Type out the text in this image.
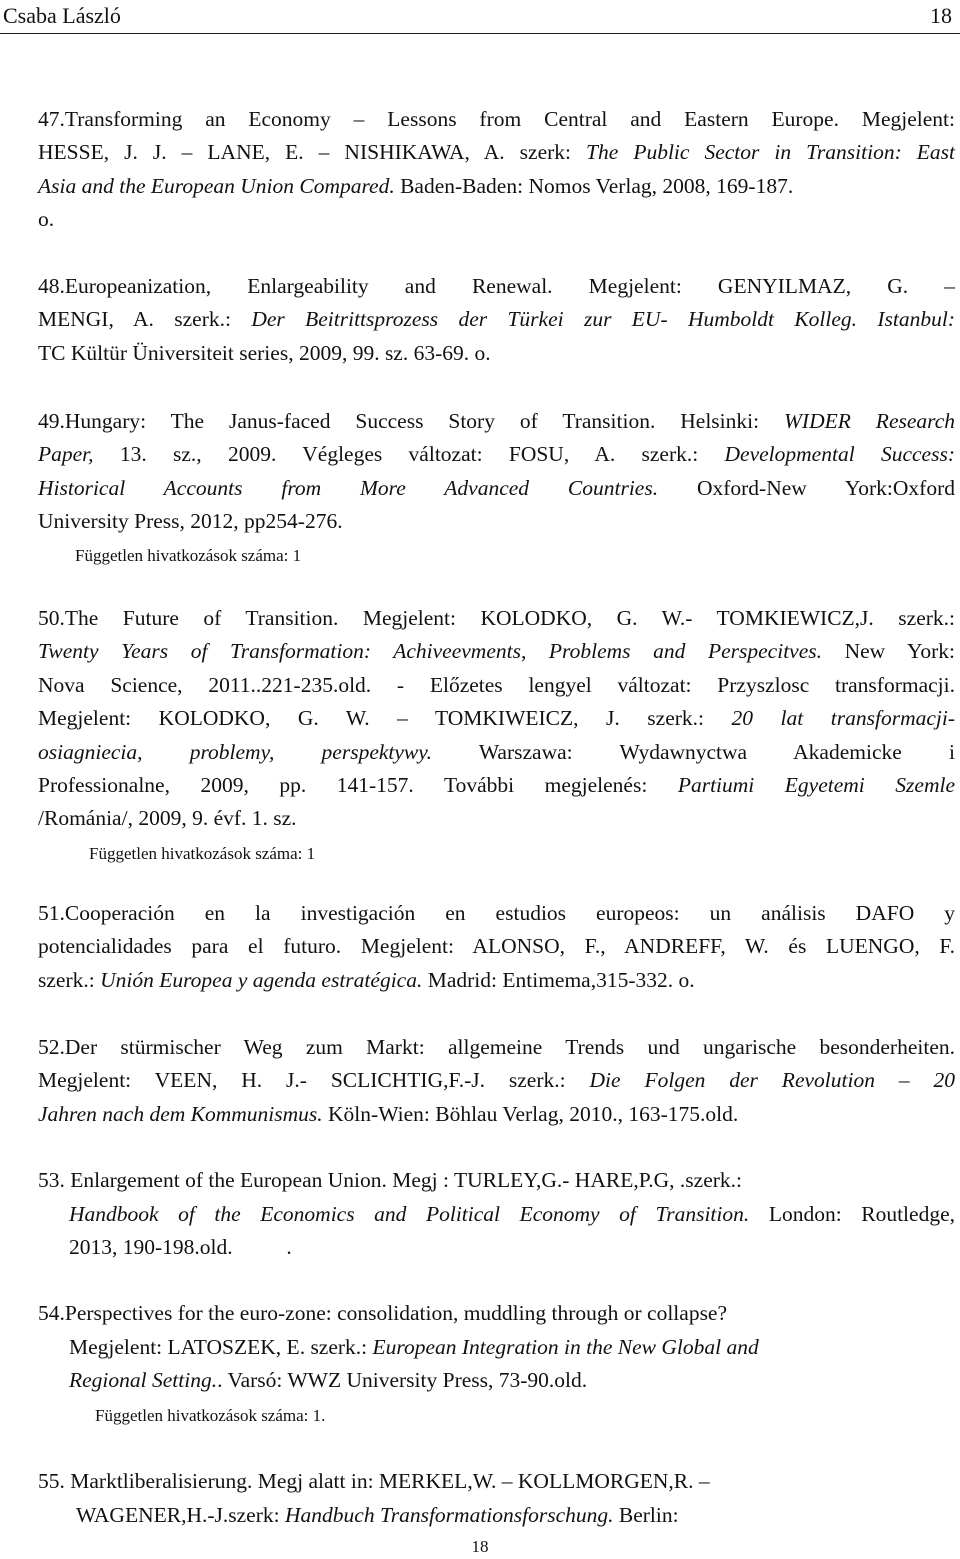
Csaba László	18
47.Transforming an Economy – Lessons from Central and Eastern Europe. Megjelent:
HESSE, J. J. – LANE, E. – NISHIKAWA, A. szerk: The Public Sector in Transition: East
Asia and the European Union Compared. Baden-Baden: Nomos Verlag, 2008, 169-187.
o.
48.Europeanization, Enlargeability and Renewal. Megjelent: GENYILMAZ, G. –
MENGI, A. szerk.: Der Beitrittsprozess der Türkei zur EU- Humboldt Kolleg. Istanbul:
TC Kültür Üniversiteit series, 2009, 99. sz. 63-69. o.
49.Hungary: The Janus-faced Success Story of Transition. Helsinki: WIDER Research
Paper, 13. sz., 2009. Végleges változat: FOSU, A. szerk.: Developmental Success:
Historical Accounts from More Advanced Countries. Oxford-New York:Oxford
University Press, 2012, pp254-276.
Független hivatkozások száma: 1
50.The Future of Transition. Megjelent: KOLODKO, G. W.- TOMKIEWICZ,J. szerk.:
Twenty Years of Transformation: Achiveevments, Problems and Perspecitves. New York:
Nova Science, 2011..221-235.old. - Előzetes lengyel változat: Przyszlosc transformacji.
Megjelent: KOLODKO, G. W. – TOMKIWEICZ, J. szerk.: 20 lat transformacji-
osiagniecia, problemy, perspektywy. Warszawa: Wydawnyctwa Akademicke i
Professionalne, 2009, pp. 141-157. További megjelenés: Partiumi Egyetemi Szemle
/Románia/, 2009, 9. évf. 1. sz.
Független hivatkozások száma: 1
51.Cooperación en la investigación en estudios europeos: un análisis DAFO y
potencialidades para el futuro. Megjelent: ALONSO, F., ANDREFF, W. és LUENGO, F.
szerk.: Unión Europea y agenda estratégica. Madrid: Entimema,315-332. o.
52.Der stürmischer Weg zum Markt: allgemeine Trends und ungarische besonderheiten.
Megjelent: VEEN, H. J.- SCLICHTIG,F.-J. szerk.: Die Folgen der Revolution – 20
Jahren nach dem Kommunismus. Köln-Wien: Böhlau Verlag, 2010., 163-175.old.
53. Enlargement of the European Union. Megj : TURLEY,G.- HARE,P.G, .szerk.:
Handbook of the Economics and Political Economy of Transition. London: Routledge,
2013, 190-198.old.          .
54.Perspectives for the euro-zone: consolidation, muddling through or collapse?
Megjelent: LATOSZEK, E. szerk.: European Integration in the New Global and
Regional Setting.. Varsó: WWZ University Press, 73-90.old.
Független hivatkozások száma: 1.
55. Marktliberalisierung. Megj alatt in: MERKEL,W. – KOLLMORGEN,R. –
WAGENER,H.-J.szerk: Handbuch Transformationsforschung. Berlin:
18
